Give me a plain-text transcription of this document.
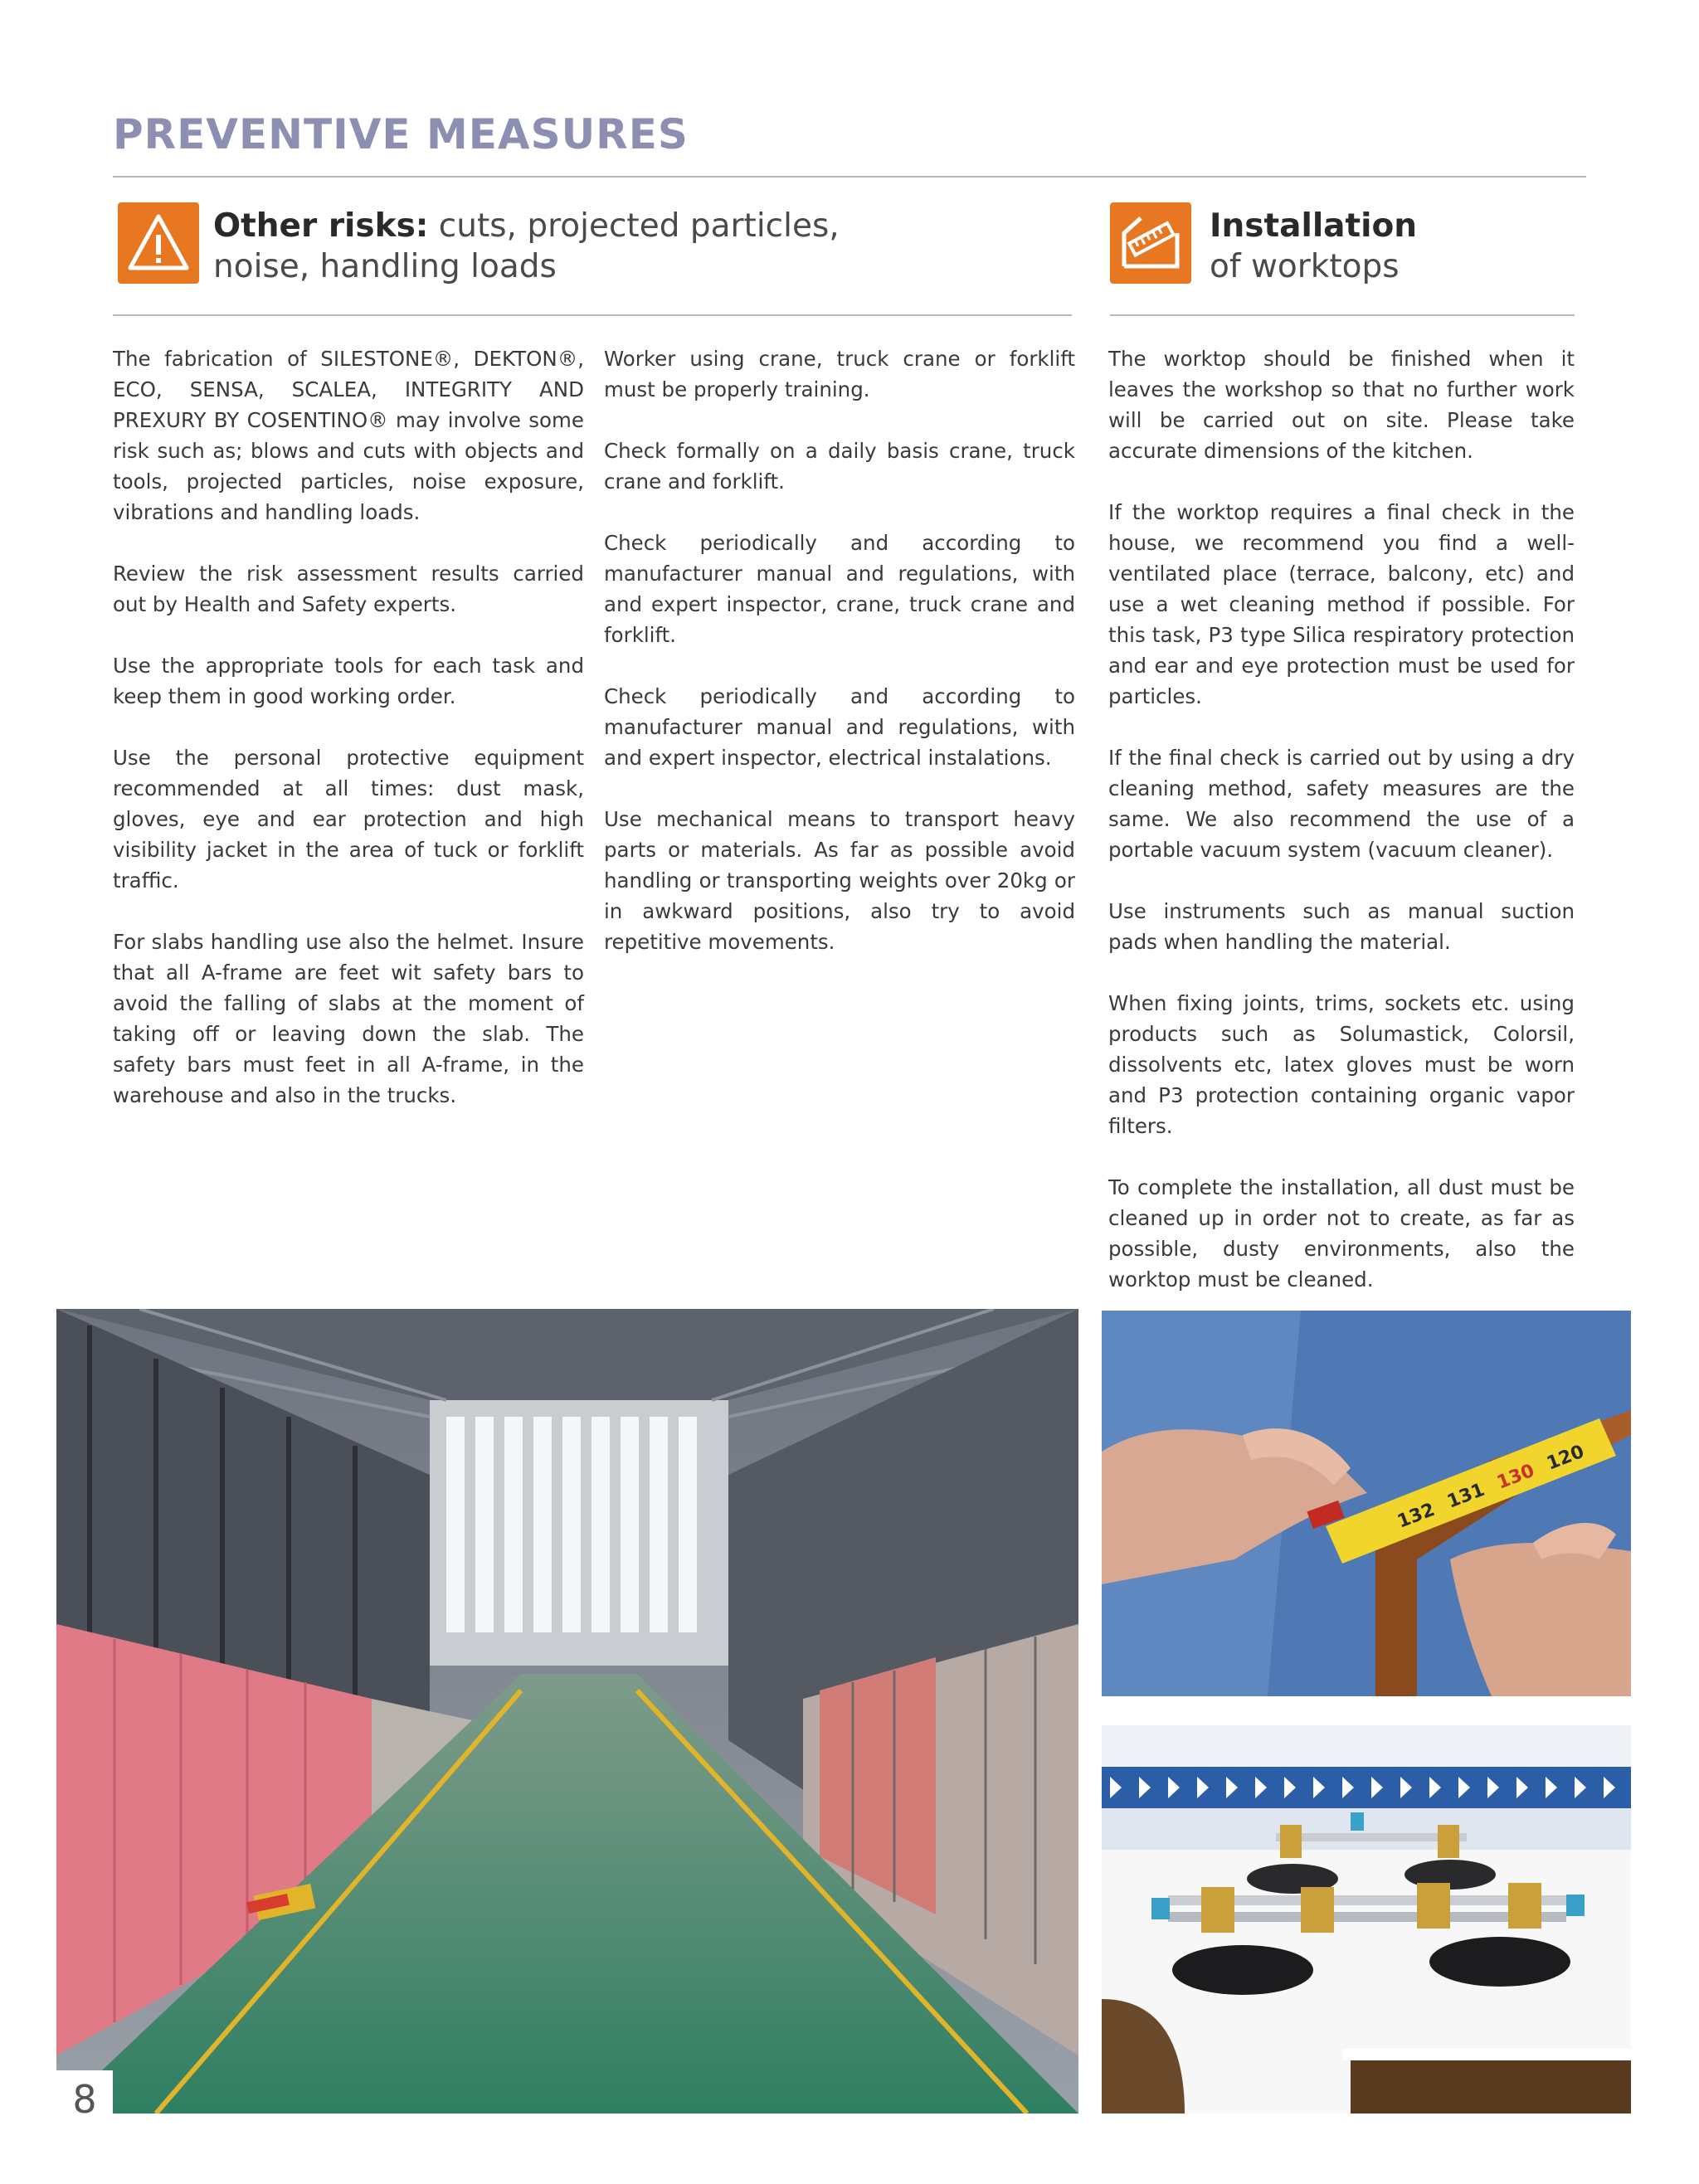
PREVENTIVE MEASURES
Other risks: cuts, projected particles,
noise, handling loads
Installation
of worktops

The fabrication of SILESTONE®, DEKTON®, ECO, SENSA, SCALEA, INTEGRITY AND PREXURY BY COSENTINO® may involve some risk such as; blows and cuts with objects and tools, projected particles, noise exposure, vibrations and handling loads.

Review the risk assessment results carried out by Health and Safety experts.

Use the appropriate tools for each task and keep them in good working order.

Use the personal protective equipment recommended at all times: dust mask, gloves, eye and ear protection and high visibility jacket in the area of tuck or forklift traffic.

For slabs handling use also the helmet. Insure that all A-frame are feet wit safety bars to avoid the falling of slabs at the moment of taking off or leaving down the slab. The safety bars must feet in all A-frame, in the warehouse and also in the trucks.

Worker using crane, truck crane or forklift must be properly training.

Check formally on a daily basis crane, truck crane and forklift.

Check periodically and according to manufacturer manual and regulations, with and expert inspector, crane, truck crane and forklift.

Check periodically and according to manufacturer manual and regulations, with and expert inspector, electrical instalations.

Use mechanical means to transport heavy parts or materials. As far as possible avoid handling or transporting weights over 20kg or in awkward positions, also try to avoid repetitive movements.

The worktop should be finished when it leaves the workshop so that no further work will be carried out on site. Please take accurate dimensions of the kitchen.

If the worktop requires a final check in the house, we recommend you find a well-ventilated place (terrace, balcony, etc) and use a wet cleaning method if possible. For this task, P3 type Silica respiratory protection and ear and eye protection must be used for particles.

If the final check is carried out by using a dry cleaning method, safety measures are the same. We also recommend the use of a portable vacuum system (vacuum cleaner).

Use instruments such as manual suction pads when handling the material.

When fixing joints, trims, sockets etc. using products such as Solumastick, Colorsil, dissolvents etc, latex gloves must be worn and P3 protection containing organic vapor filters.

To complete the installation, all dust must be cleaned up in order not to create, as far as possible, dusty environments, also the worktop must be cleaned.

132
131
130
120
8
